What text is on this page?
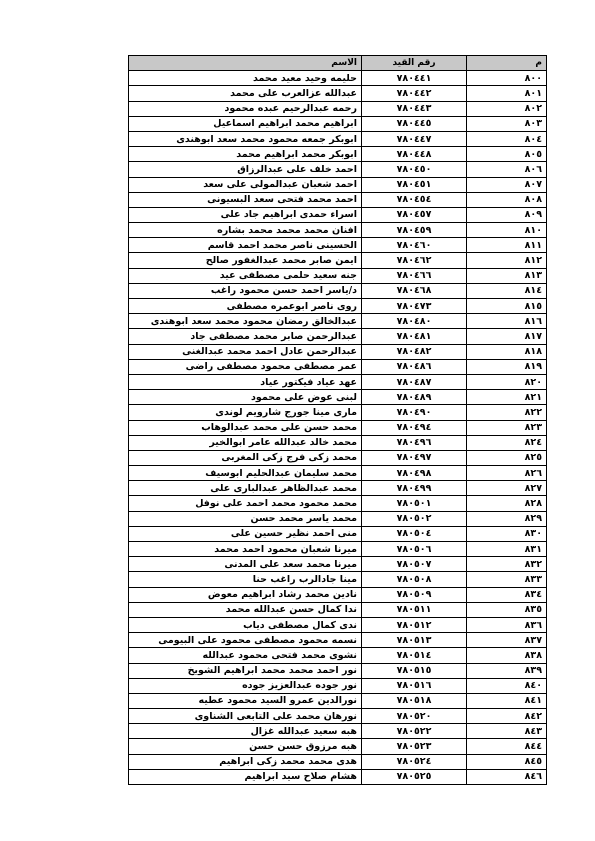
م	رقم القيد	الاسم
٨٠٠	٧٨٠٤٤١	حليمه وحيد معيد محمد
٨٠١	٧٨٠٤٤٢	عبدالله عزالعرب على محمد
٨٠٢	٧٨٠٤٤٣	رحمه عبدالرحيم عبده محمود
٨٠٣	٧٨٠٤٤٥	ابراهيم محمد ابراهيم اسماعيل
٨٠٤	٧٨٠٤٤٧	ابوبكر جمعه محمود محمد سعد ابوهندى
٨٠٥	٧٨٠٤٤٨	ابوبكر محمد ابراهيم محمد
٨٠٦	٧٨٠٤٥٠	احمد خلف على عبدالرزاق
٨٠٧	٧٨٠٤٥١	احمد شعبان عبدالمولى على سعد
٨٠٨	٧٨٠٤٥٤	احمد محمد فتحى سعد البسيونى
٨٠٩	٧٨٠٤٥٧	اسراء حمدى ابراهيم جاد على
٨١٠	٧٨٠٤٥٩	افنان محمد محمد محمد بشاره
٨١١	٧٨٠٤٦٠	الحسينى ناصر محمد احمد قاسم
٨١٢	٧٨٠٤٦٢	ايمن صابر محمد عبدالغفور صالح
٨١٣	٧٨٠٤٦٦	جنه سعيد حلمى مصطفى عيد
٨١٤	٧٨٠٤٦٨	د/ياسر احمد حسن محمود راغب
٨١٥	٧٨٠٤٧٣	روى ناصر ابوعمره مصطفى
٨١٦	٧٨٠٤٨٠	عبدالخالق رمضان محمود محمد سعد ابوهندى
٨١٧	٧٨٠٤٨١	عبدالرحمن صابر محمد مصطفى جاد
٨١٨	٧٨٠٤٨٢	عبدالرحمن عادل احمد محمد عبدالغنى
٨١٩	٧٨٠٤٨٦	عمر مصطفى محمود مصطفى راضى
٨٢٠	٧٨٠٤٨٧	عهد عياد فيكتور عياد
٨٢١	٧٨٠٤٨٩	لبنى عوض على محمود
٨٢٢	٧٨٠٤٩٠	مارى مينا جورج شارويم لوندى
٨٢٣	٧٨٠٤٩٤	محمد حسن على محمد عبدالوهاب
٨٢٤	٧٨٠٤٩٦	محمد خالد عبدالله عامر ابوالخير
٨٢٥	٧٨٠٤٩٧	محمد زكى فرج زكى المغربى
٨٢٦	٧٨٠٤٩٨	محمد سليمان عبدالحليم ابوسيف
٨٢٧	٧٨٠٤٩٩	محمد عبدالظاهر عبدالبارى على
٨٢٨	٧٨٠٥٠١	محمد محمود محمد احمد على نوفل
٨٢٩	٧٨٠٥٠٢	محمد ياسر محمد حسن
٨٣٠	٧٨٠٥٠٤	منى احمد نظير حسين على
٨٣١	٧٨٠٥٠٦	ميرنا شعبان محمود احمد محمد
٨٣٢	٧٨٠٥٠٧	ميرنا محمد سعد على المدنى
٨٣٣	٧٨٠٥٠٨	مينا جادالرب راغب حنا
٨٣٤	٧٨٠٥٠٩	نادين محمد رشاد ابراهيم معوض
٨٣٥	٧٨٠٥١١	ندا كمال حسن عبدالله محمد
٨٣٦	٧٨٠٥١٢	ندى كمال مصطفى دياب
٨٣٧	٧٨٠٥١٣	نسمه محمود مصطفى محمود على البيومى
٨٣٨	٧٨٠٥١٤	نشوى محمد فتحى محمود عبدالله
٨٣٩	٧٨٠٥١٥	نور احمد محمد محمد ابراهيم الشويخ
٨٤٠	٧٨٠٥١٦	نور جوده عبدالعزيز جوده
٨٤١	٧٨٠٥١٨	نورالدين عمرو السيد محمود عطيه
٨٤٢	٧٨٠٥٢٠	نورهان محمد على التابعى الشناوى
٨٤٣	٧٨٠٥٢٢	هبه سعيد عبدالله غزال
٨٤٤	٧٨٠٥٢٣	هبه مرزوق حسن حسن
٨٤٥	٧٨٠٥٢٤	هدى محمد محمد زكى ابراهيم
٨٤٦	٧٨٠٥٢٥	هشام صلاح سيد ابراهيم
